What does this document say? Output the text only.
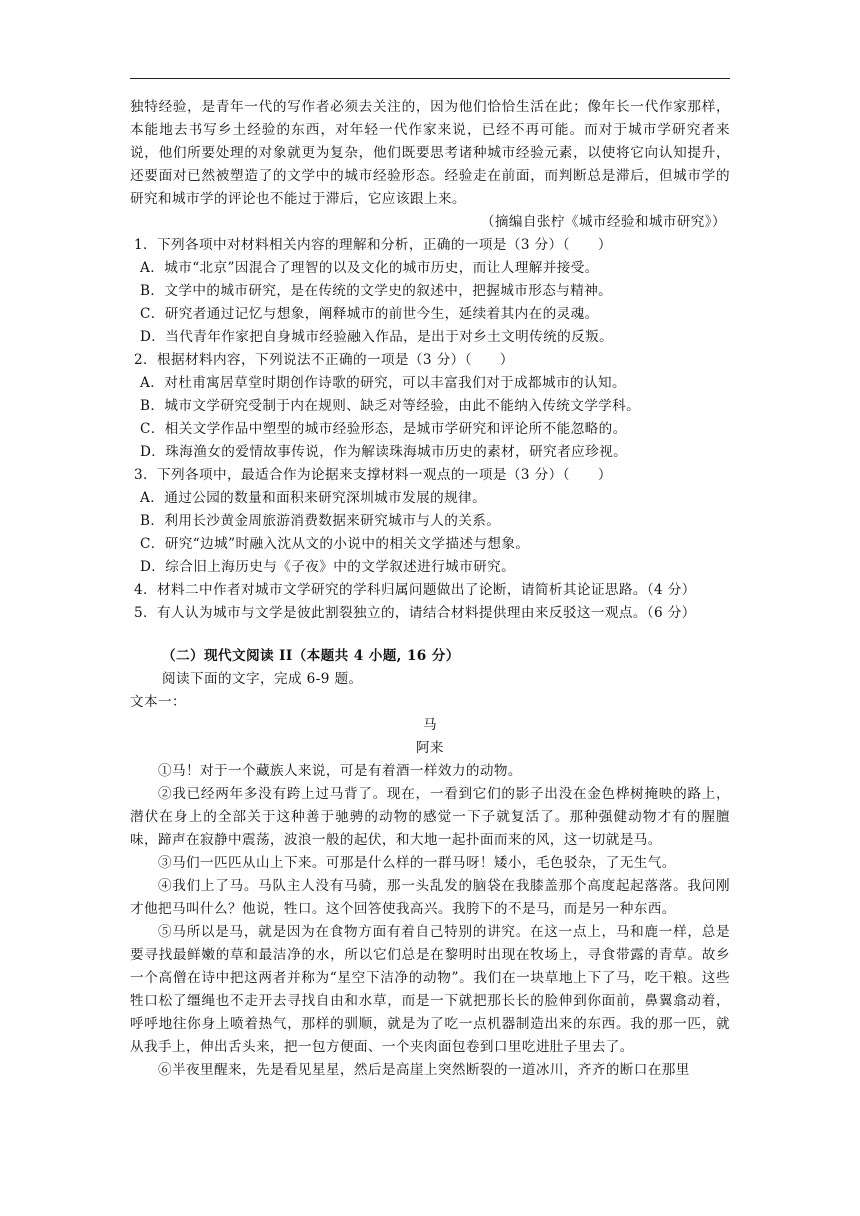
独特经验，是青年一代的写作者必须去关注的，因为他们恰恰生活在此；像年长一代作家那样，本能地去书写乡土经验的东西，对年轻一代作家来说，已经不再可能。而对于城市学研究者来说，他们所要处理的对象就更为复杂，他们既要思考诸种城市经验元素，以使将它向认知提升，还要面对已然被塑造了的文学中的城市经验形态。经验走在前面，而判断总是滞后，但城市学的研究和城市学的评论也不能过于滞后，它应该跟上来。

（摘编自张柠《城市经验和城市研究》）

1．下列各项中对材料相关内容的理解和分析，正确的一项是（3 分）（　　）

A．城市“北京”因混合了理智的以及文化的城市历史，而让人理解并接受。

B．文学中的城市研究，是在传统的文学史的叙述中，把握城市形态与精神。

C．研究者通过记忆与想象，阐释城市的前世今生，延续着其内在的灵魂。

D．当代青年作家把自身城市经验融入作品，是出于对乡土文明传统的反叛。

2．根据材料内容，下列说法不正确的一项是（3 分）（　　）

A．对杜甫寓居草堂时期创作诗歌的研究，可以丰富我们对于成都城市的认知。

B．城市文学研究受制于内在规则、缺乏对等经验，由此不能纳入传统文学学科。

C．相关文学作品中塑型的城市经验形态，是城市学研究和评论所不能忽略的。

D．珠海渔女的爱情故事传说，作为解读珠海城市历史的素材，研究者应珍视。

3．下列各项中，最适合作为论据来支撑材料一观点的一项是（3 分）（　　）

A．通过公园的数量和面积来研究深圳城市发展的规律。

B．利用长沙黄金周旅游消费数据来研究城市与人的关系。

C．研究“边城”时融入沈从文的小说中的相关文学描述与想象。

D．综合旧上海历史与《子夜》中的文学叙述进行城市研究。

4．材料二中作者对城市文学研究的学科归属问题做出了论断，请简析其论证思路。（4 分）

5．有人认为城市与文学是彼此割裂独立的，请结合材料提供理由来反驳这一观点。（6 分）

（二）现代文阅读 II（本题共 4 小题, 16 分）

阅读下面的文字，完成 6-9 题。

文本一：

马

阿来

①马！对于一个藏族人来说，可是有着酒一样效力的动物。

②我已经两年多没有跨上过马背了。现在，一看到它们的影子出没在金色桦树掩映的路上，潜伏在身上的全部关于这种善于驰骋的动物的感觉一下子就复活了。那种强健动物才有的腥膻味，蹄声在寂静中震荡，波浪一般的起伏，和大地一起扑面而来的风，这一切就是马。

③马们一匹匹从山上下来。可那是什么样的一群马呀！矮小，毛色驳杂，了无生气。

④我们上了马。马队主人没有马骑，那一头乱发的脑袋在我膝盖那个高度起起落落。我问刚才他把马叫什么？他说，牲口。这个回答使我高兴。我胯下的不是马，而是另一种东西。

⑤马所以是马，就是因为在食物方面有着自己特别的讲究。在这一点上，马和鹿一样，总是要寻找最鲜嫩的草和最洁净的水，所以它们总是在黎明时出现在牧场上，寻食带露的青草。故乡一个高僧在诗中把这两者并称为“星空下洁净的动物”。我们在一块草地上下了马，吃干粮。这些牲口松了缰绳也不走开去寻找自由和水草，而是一下就把那长长的脸伸到你面前，鼻翼翕动着，呼呼地往你身上喷着热气，那样的驯顺，就是为了吃一点机器制造出来的东西。我的那一匹，就从我手上，伸出舌头来，把一包方便面、一个夹肉面包卷到口里吃进肚子里去了。

⑥半夜里醒来，先是看见星星，然后是高崖上突然断裂的一道冰川，齐齐的断口在那里
